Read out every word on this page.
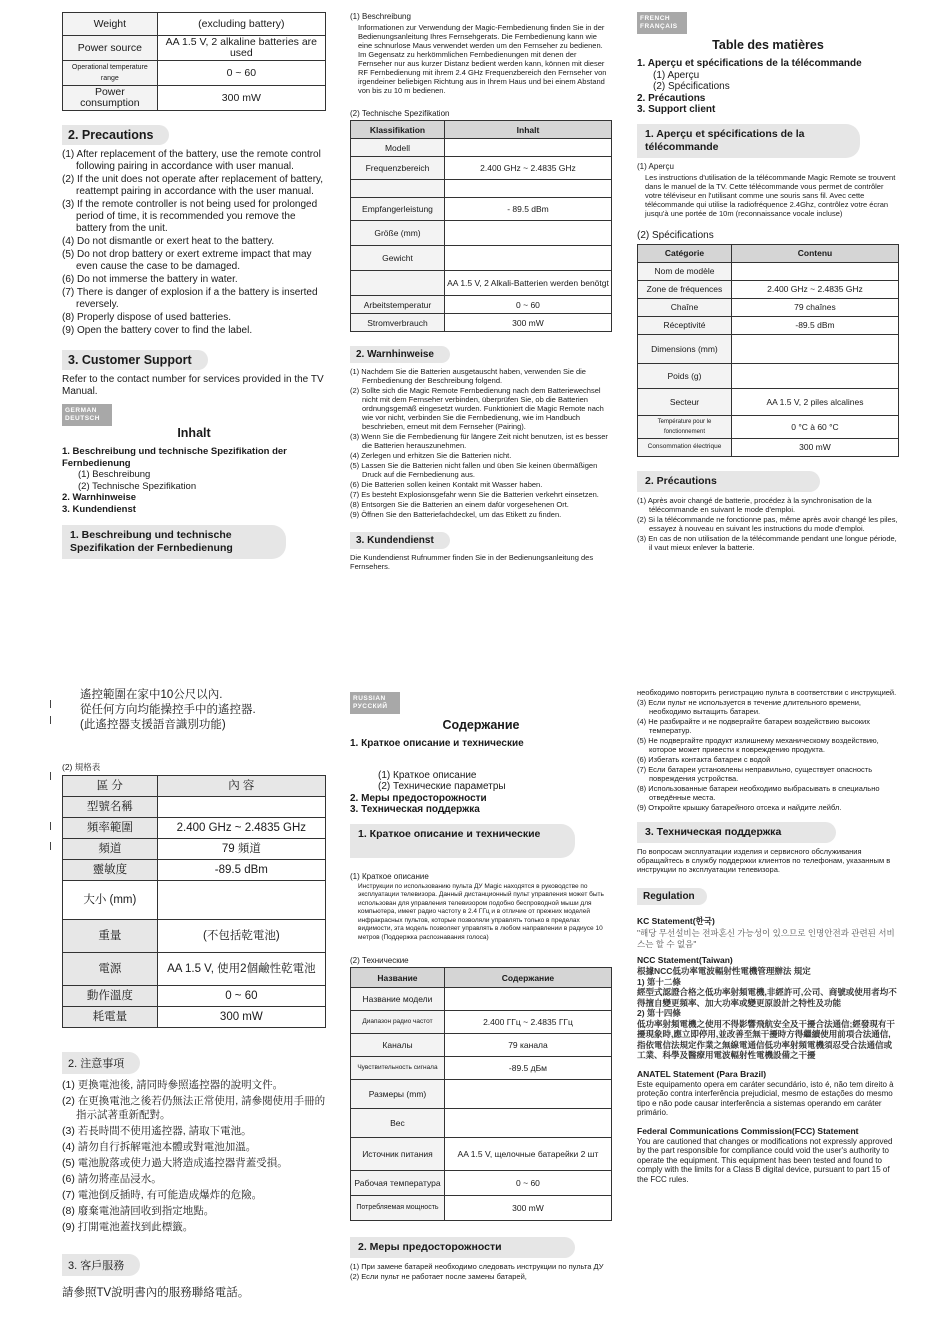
Weight	(excluding battery)
Power source	AA 1.5 V, 2 alkaline batteries are used
Operational temperature range	0 ~ 60
Power consumption	300 mW
2. Precautions
(1) After replacement of the battery, use the remote control following pairing in accordance with user manual.
(2) If the unit does not operate after replacement of battery, reattempt pairing in accordance with the user manual.
(3) If the remote controller is not being used for prolonged period of time, it is recommended you remove the battery from the unit.
(4) Do not dismantle or exert heat to the battery.
(5) Do not drop battery or exert extreme impact that may even cause the case to be damaged.
(6) Do not immerse the battery in water.
(7) There is danger of explosion if a the battery is inserted reversely.
(8) Properly dispose of used batteries.
(9) Open the battery cover to find the label.
3. Customer Support

Refer to the contact number for services provided in the TV Manual.

GERMAN DEUTSCH
Inhalt
1. Beschreibung und technische Spezifikation der Fernbedienung
(1) Beschreibung
(2) Technische Spezifikation
2. Warnhinweise
3. Kundendienst
1. Beschreibung und technische Spezifikation der Fernbedienung
(1) Beschreibung

Informationen zur Verwendung der Magic-Fernbedienung finden Sie in der Bedienungsanleitung Ihres Fernsehgerats. Die Fernbedienung kann wie eine schnurlose Maus verwendet werden um den Fernseher zu bedienen. Im Gegensatz zu herkömmlichen Fernbedienungen mit denen der Fernseher nur aus kurzer Distanz bedient werden kann, können mit dieser RF Fernbedienung mit ihrem 2.4 GHz Frequenzbereich den Fernseher von irgendeiner beliebigen Richtung aus in Ihrem Haus und bei einem Abstand von bis zu 10 m bedienen.

(2) Technische Spezifikation
Klassifikation	Inhalt
Modell	
Frequenzbereich	2.400 GHz ~ 2.4835 GHz

Empfangerleistung	- 89.5 dBm
Größe (mm)	
Gewicht	
	AA 1.5 V, 2 Alkali-Batterien werden benötgt
Arbeitstemperatur	0 ~ 60
Stromverbrauch	300 mW
2. Warnhinweise
(1) Nachdem Sie die Batterien ausgetauscht haben, verwenden Sie die Fernbedienung der Beschreibung folgend.
(2) Sollte sich die Magic Remote Fernbedienung nach dem Batteriewechsel nicht mit dem Fernseher verbinden, überprüfen Sie, ob die Batterien ordnungsgemäß eingesetzt wurden. Funktioniert die Magic Remote nach wie vor nicht, verbinden Sie die Fernbedienung, wie im Handbuch beschrieben, erneut mit dem Fernseher (Pairing).
(3) Wenn Sie die Fernbedienung für längere Zeit nicht benutzen, ist es besser die Batterien herauszunehmen.
(4) Zerlegen und erhitzen Sie die Batterien nicht.
(5) Lassen Sie die Batterien nicht fallen und üben Sie keinen übermäßigen Druck auf die Fernbedienung aus.
(6) Die Batterien sollen keinen Kontakt mit Wasser haben.
(7) Es besteht Explosionsgefahr wenn Sie die Batterien verkehrt einsetzen.
(8) Entsorgen Sie die Batterien an einem dafür vorgesehenen Ort.
(9) Öffnen Sie den Batteriefachdeckel, um das Etikett zu finden.
3. Kundendienst

Die Kundendienst Rufnummer finden Sie in der Bedienungsanleitung des Fernsehers.

FRENCH FRANÇAIS
Table des matières
1. Aperçu et spécifications de la télécommande
(1) Aperçu
(2) Spécifications
2. Précautions
3. Support client
1. Aperçu et spécifications de la télécommande
(1) Aperçu

Les instructions d'utilisation de la télécommande Magic Remote se trouvent dans le manuel de la TV. Cette télécommande vous permet de contrôler votre téléviseur en l'utilisant comme une souris sans fil. Avec cette télécommande qui utilise la radiofréquence 2.4Ghz, contrôlez votre écran jusqu'à une portée de 10m (reconnaissance vocale incluse)

(2) Spécifications
Catégorie	Contenu
Nom de modèle	
Zone de fréquences	2.400 GHz ~ 2.4835 GHz
Chaîne	79 chaînes
Réceptivité	-89.5 dBm
Dimensions (mm)	
Poids (g)	
Secteur	AA 1.5 V, 2 piles alcalines
Température pour le fonctionnement	0 °C à 60 °C
Consommation électrique	300 mW
2. Précautions
(1) Après avoir changé de batterie, procédez à la synchronisation de la télécommande en suivant le mode d'emploi.
(2) Si la télécommande ne fonctionne pas, même après avoir changé les piles, essayez à nouveau en suivant les instructions du mode d'emploi.
(3) En cas de non utilisation de la télécommande pendant une longue période, il vaut mieux enlever la batterie.

遙控範圍在家中10公尺以內.
從任何方向均能操控手中的遙控器.
(此遙控器支援語音識別功能)

(2) 規格表
區 分	內 容
型號名稱	
頻率範圍	2.400 GHz ~ 2.4835 GHz
頻道	79 頻道
靈敏度	-89.5 dBm
大小 (mm)	
重量	(不包括乾電池)
電源	AA 1.5 V, 使用2個鹼性乾電池
動作溫度	0 ~ 60
耗電量	300 mW
2. 注意事項
(1) 更換電池後, 請同時參照遙控器的說明文件。
(2) 在更換電池之後若仍無法正常使用, 請參閱使用手冊的指示試著重新配對。
(3) 若長時間不使用遙控器, 請取下電池。
(4) 請勿自行拆解電池本體或對電池加溫。
(5) 電池脫落或使力過大將造成遙控器背蓋受損。
(6) 請勿將產品浸水。
(7) 電池倒反插時, 有可能造成爆炸的危險。
(8) 廢棄電池請回收到指定地點。
(9) 打開電池蓋找到此標籤。
3. 客戶服務

請參照TV說明書內的服務聯絡電話。

RUSSIAN РУССКИЙ
Содержание
1. Краткое описание и технические
(1) Краткое описание
(2) Технические параметры
2. Меры предосторожности
3. Техническая поддержка
1. Краткое описание и технические
(1) Краткое описание

Инструкции по использованию пульта ДУ Magic находятся в руководстве по эксплуатации телевизора. Данный дистанционный пульт управления может быть использован для управления телевизором подобно беспроводной мыши для компьютера, имеет радио частоту в 2.4 ГГц и в отличие от прежних моделей инфракрасных пультов, которые позволяли управлять только в пределах видимости, эта модель позволяет управлять в любом направлении в радиусе 10 метров (Поддержка распознавания голоса)

(2) Технические
Название	Содержание
Название модели	
Диапазон радио частот	2.400 ГГц ~ 2.4835 ГГц
Каналы	79 канала
Чувствительность сигнала	-89.5 дБм
Размеры (mm)	
Вес	
Источник питания	AA 1.5 V, щелочные батарейки 2 шт
Рабочая температура	0 ~ 60
Потребляемая мощность	300 mW
2. Меры предосторожности
(1) При замене батарей необходимо следовать инструкции по пульта ДУ
(2) Если пульт не работает после замены батарей,
необходимо повторить регистрацию пульта в соответствии с инструкцией.
(3) Если пульт не используется в течение длительного времени, необходимо вытащить батареи.
(4) Не разбирайте и не подвергайте батареи воздействию высоких температур.
(5) Не подвергайте продукт излишнему механическому воздействию, которое может привести к повреждению продукта.
(6) Избегать контакта батареи с водой
(7) Если батареи установлены неправильно, существует опасность повреждения устройства.
(8) Использованные батареи необходимо выбрасывать в специально отведённые места.
(9) Откройте крышку батарейного отсека и найдите лейбл.
3. Техническая поддержка

По вопросам эксплуатации изделия и сервисного обслуживания обращайтесь в службу поддержки клиентов по телефонам, указанным в инструкции по эксплуатации телевизора.

Regulation
KC Statement(한국)

"해당 무선설비는 전파혼신 가능성이 있으므로 인명안전과 관련된 서비스는 할 수 없음"

NCC Statement(Taiwan)

根據NCC低功率電波輻射性電機管理辦法 規定
1) 第十二條
經型式認證合格之低功率射頻電機,非經許可,公司、商號或使用者均不得擅自變更頻率、加大功率或變更原設計之特性及功能
2) 第十四條
低功率射頻電機之使用不得影響飛航安全及干擾合法通信;經發現有干擾現象時,應立即停用,並改善至無干擾時方得繼續使用前項合法通信,指依電信法規定作業之無線電通信低功率射頻電機須忍受合法通信或工業、科學及醫療用電波輻射性電機設備之干擾

ANATEL Statement (Para Brazil)

Este equipamento opera em caráter secundário, isto é, não tem direito à proteção contra interferência prejudicial, mesmo de estações do mesmo tipo e não pode causar interferência a sistemas operando em caráter primário.

Federal Communications Commission(FCC) Statement

You are cautioned that changes or modifications not expressly approved by the part responsible for compliance could void the user's authority to operate the equipment. This equipment has been tested and found to comply with the limits for a Class B digital device, pursuant to part 15 of the FCC rules.
